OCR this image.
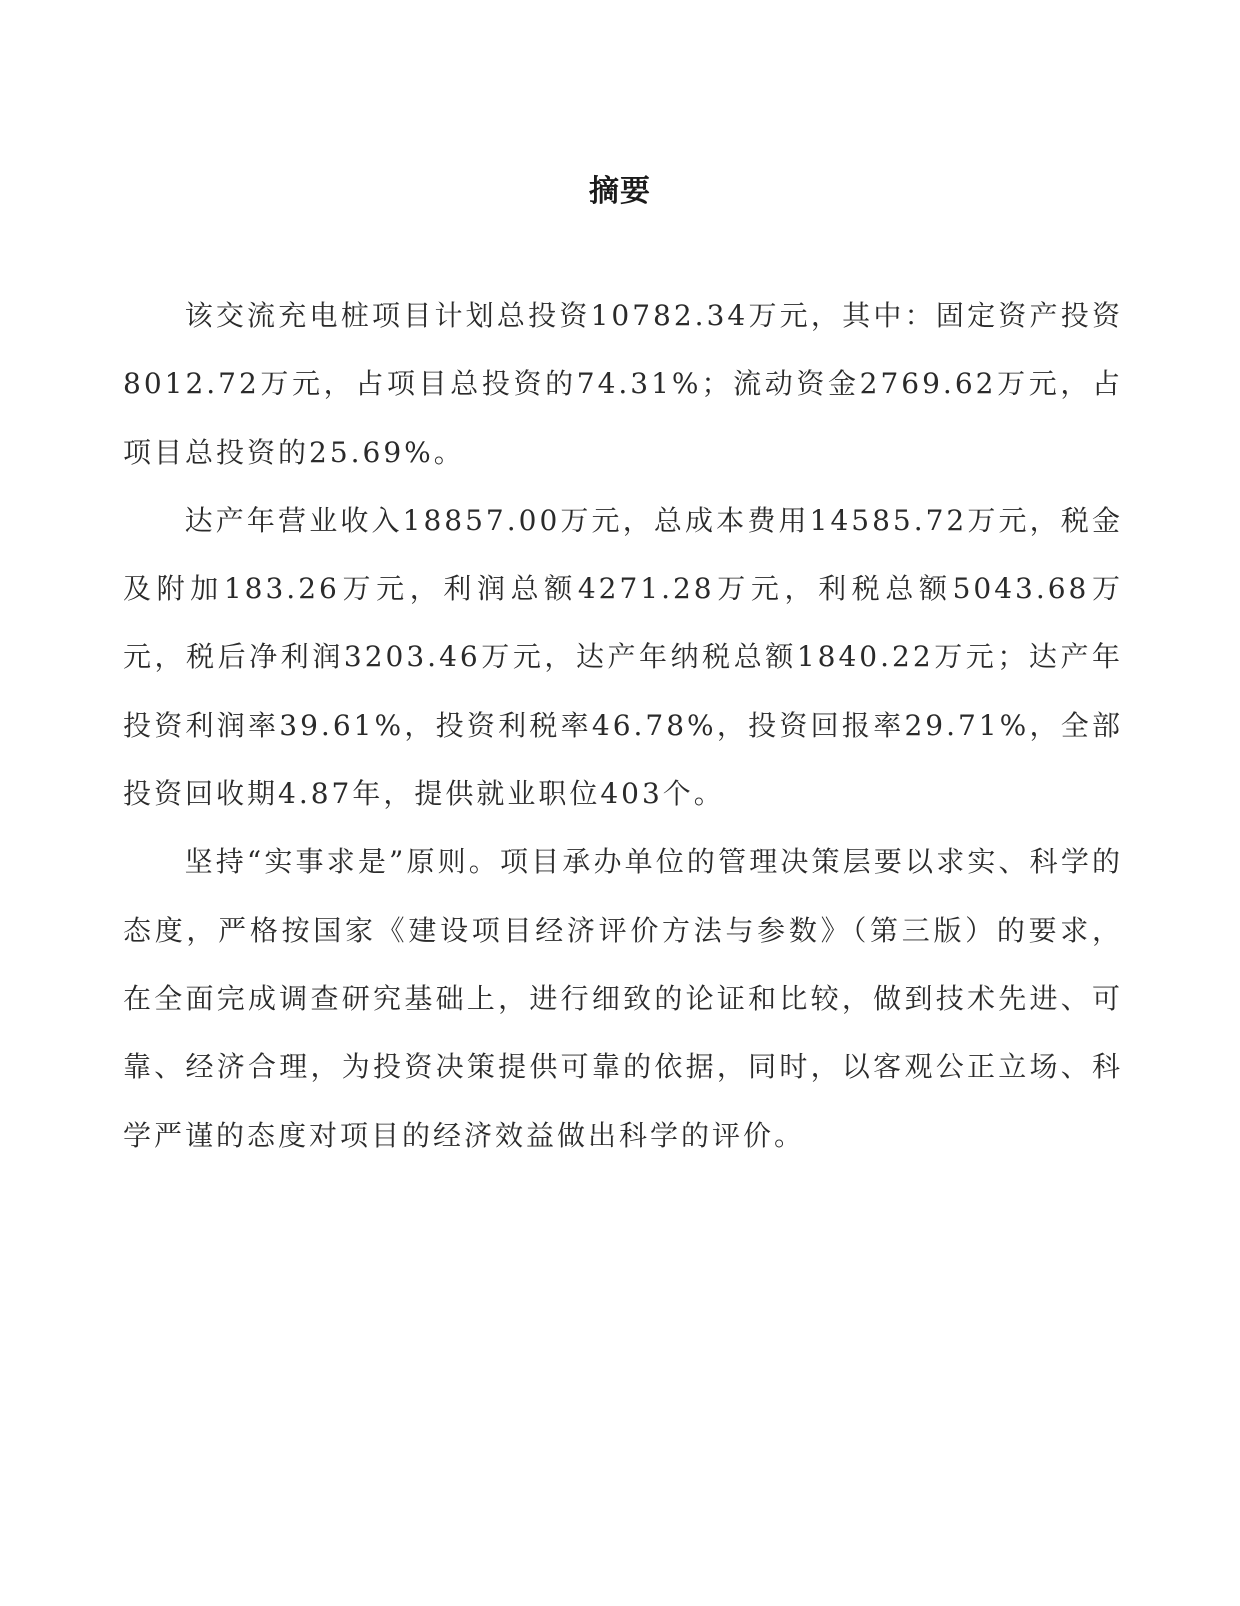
摘要

该交流充电桩项目计划总投资10782.34万元，其中：固定资产投资8012.72万元，占项目总投资的74.31%；流动资金2769.62万元，占项目总投资的25.69%。

达产年营业收入18857.00万元，总成本费用14585.72万元，税金及附加183.26万元，利润总额4271.28万元，利税总额5043.68万元，税后净利润3203.46万元，达产年纳税总额1840.22万元；达产年投资利润率39.61%，投资利税率46.78%，投资回报率29.71%，全部投资回收期4.87年，提供就业职位403个。

坚持“实事求是”原则。项目承办单位的管理决策层要以求实、科学的态度，严格按国家《建设项目经济评价方法与参数》（第三版）的要求，在全面完成调查研究基础上，进行细致的论证和比较，做到技术先进、可靠、经济合理，为投资决策提供可靠的依据，同时，以客观公正立场、科学严谨的态度对项目的经济效益做出科学的评价。
